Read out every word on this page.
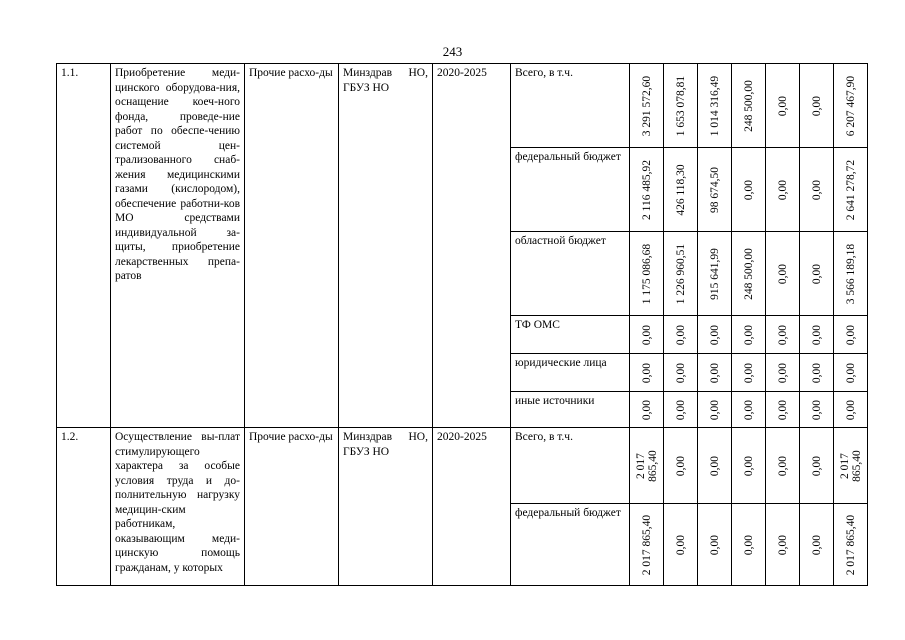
243
1.1.	Приобретение меди-цинского оборудова-ния, оснащение коеч-ного фонда, проведе-ние работ по обеспе-чению системой цен-трализованного снаб-жения медицинскими газами (кислородом), обеспечение работни-ков МО средствами индивидуальной за-щиты, приобретение лекарственных препа-ратов	Прочие расхо-ды	Минздрав НО, ГБУЗ НО	2020-2025	Всего, в т.ч.	3 291 572,60	1 653 078,81	1 014 316,49	248 500,00	0,00	0,00	6 207 467,90

					федеральный бюджет	2 116 485,92	426 118,30	98 674,50	0,00	0,00	0,00	2 641 278,72

					областной бюджет	1 175 086,68	1 226 960,51	915 641,99	248 500,00	0,00	0,00	3 566 189,18

					ТФ ОМС	0,00	0,00	0,00	0,00	0,00	0,00	0,00

					юридические лица	0,00	0,00	0,00	0,00	0,00	0,00	0,00

					иные источники	0,00	0,00	0,00	0,00	0,00	0,00	0,00

1.2.	Осуществление вы-плат стимулирующего характера за особые условия труда и до-полнительную нагрузку медицин-ским работникам, оказывающим меди-цинскую помощь гражданам, у которых	Прочие расхо-ды	Минздрав НО, ГБУЗ НО	2020-2025	Всего, в т.ч.	2 017 865,40	0,00	0,00	0,00	0,00	0,00	2 017 865,40

					федеральный бюджет	2 017 865,40	0,00	0,00	0,00	0,00	0,00	2 017 865,40
